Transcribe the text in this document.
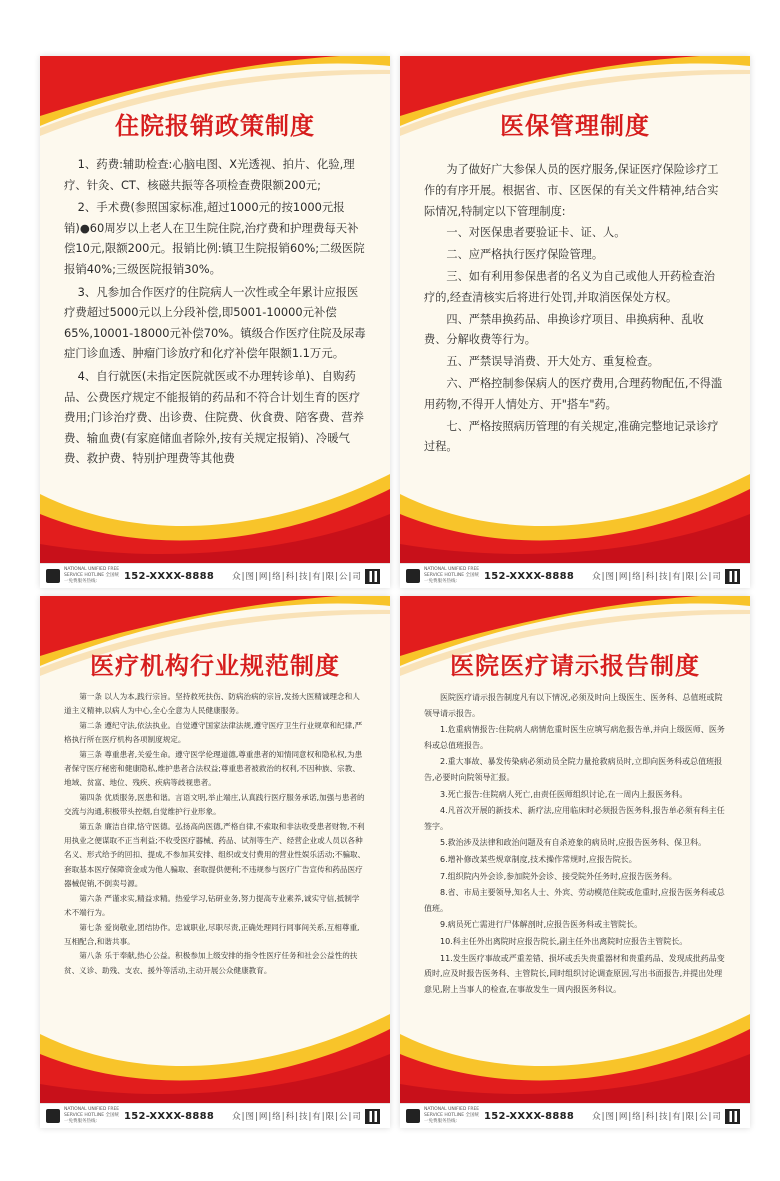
住院报销政策制度

1、药费:辅助检查:心脑电图、X光透视、拍片、化验,理疗、针灸、CT、核磁共振等各项检查费限额200元;

2、手术费(参照国家标准,超过1000元的按1000元报销)●60周岁以上老人在卫生院住院,治疗费和护理费每天补偿10元,限额200元。报销比例:镇卫生院报销60%;二级医院报销40%;三级医院报销30%。

3、凡参加合作医疗的住院病人一次性或全年累计应报医疗费超过5000元以上分段补偿,即5001-10000元补偿65%,10001-18000元补偿70%。镇级合作医疗住院及尿毒症门诊血透、肿瘤门诊放疗和化疗补偿年限额1.1万元。

4、自行就医(未指定医院就医或不办理转诊单)、自购药品、公费医疗规定不能报销的药品和不符合计划生育的医疗费用;门诊治疗费、出诊费、住院费、伙食费、陪客费、营养费、输血费(有家庭储血者除外,按有关规定报销)、冷暖气费、救护费、特别护理费等其他费

NATIONAL UNIFIED FREE SERVICE HOTLINE 全国统一免费服务热线:	152-XXXX-8888 众|图|网|络|科|技|有|限|公|司
医保管理制度

为了做好广大参保人员的医疗服务,保证医疗保险诊疗工作的有序开展。根据省、市、区医保的有关文件精神,结合实际情况,特制定以下管理制度:

一、对医保患者要验证卡、证、人。

二、应严格执行医疗保险管理。

三、如有利用参保患者的名义为自己或他人开药检查治疗的,经查清核实后将进行处罚,并取消医保处方权。

四、严禁串换药品、串换诊疗项目、串换病种、乱收费、分解收费等行为。

五、严禁误导消费、开大处方、重复检查。

六、严格控制参保病人的医疗费用,合理药物配伍,不得滥用药物,不得开人情处方、开"搭车"药。

七、严格按照病历管理的有关规定,准确完整地记录诊疗过程。

NATIONAL UNIFIED FREE SERVICE HOTLINE 全国统一免费服务热线:	152-XXXX-8888 众|图|网|络|科|技|有|限|公|司
医疗机构行业规范制度

第一条 以人为本,践行宗旨。坚持救死扶伤、防病治病的宗旨,发扬大医精诚理念和人道主义精神,以病人为中心,全心全意为人民健康服务。

第二条 遵纪守法,依法执业。自觉遵守国家法律法规,遵守医疗卫生行业规章和纪律,严格执行所在医疗机构各项制度规定。

第三条 尊重患者,关爱生命。遵守医学伦理道德,尊重患者的知情同意权和隐私权,为患者保守医疗秘密和健康隐私,维护患者合法权益;尊重患者被救治的权利,不因种族、宗教、地域、贫富、地位、残疾、疾病等歧视患者。

第四条 优质服务,医患和谐。言语文明,举止端庄,认真践行医疗服务承诺,加强与患者的交流与沟通,积极带头控烟,自觉维护行业形象。

第五条 廉洁自律,恪守医德。弘扬高尚医德,严格自律,不索取和非法收受患者财物,不利用执业之便谋取不正当利益;不收受医疗器械、药品、试剂等生产、经营企业或人员以各种名义、形式给予的回扣、提成,不参加其安排、组织或支付费用的营业性娱乐活动;不骗取、套取基本医疗保障资金或为他人骗取、套取提供便利;不违规参与医疗广告宣传和药品医疗器械促销,不倒卖号源。

第六条 严谨求实,精益求精。热爱学习,钻研业务,努力提高专业素养,诚实守信,抵制学术不端行为。

第七条 爱岗敬业,团结协作。忠诚职业,尽职尽责,正确处理同行同事间关系,互相尊重,互相配合,和谐共事。

第八条 乐于奉献,热心公益。积极参加上级安排的指令性医疗任务和社会公益性的扶贫、义诊、助残、支农、援外等活动,主动开展公众健康教育。

NATIONAL UNIFIED FREE SERVICE HOTLINE 全国统一免费服务热线:	152-XXXX-8888 众|图|网|络|科|技|有|限|公|司
医院医疗请示报告制度

医院医疗请示报告制度凡有以下情况,必须及时向上级医生、医务科、总值班或院领导请示报告。

1.危重病情报告:住院病人病情危重时医生应填写病危报告单,并向上级医师、医务科或总值班报告。

2.重大事故、暴发传染病必须动员全院力量抢救病员时,立即向医务科或总值班报告,必要时向院领导汇报。

3.死亡报告:住院病人死亡,由责任医师组织讨论,在一周内上报医务科。

4.凡首次开展的新技术、新疗法,应用临床时必须报告医务科,报告单必须有科主任签字。

5.救治涉及法律和政治问题及有自杀迹象的病员时,应报告医务科、保卫科。

6.增补修改某些规章制度,技术操作常规时,应报告院长。

7.组织院内外会诊,参加院外会诊、接受院外任务时,应报告医务科。

8.省、市局主要领导,知名人士、外宾、劳动模范住院或危重时,应报告医务科或总值班。

9.病员死亡需进行尸体解剖时,应报告医务科或主管院长。

10.科主任外出离院时应报告院长,副主任外出离院时应报告主管院长。

11.发生医疗事故或严重差错、损坏或丢失贵重器材和贵重药品、发现成批药品变质时,应及时报告医务科、主管院长,同时组织讨论调查原因,写出书面报告,并提出处理意见,附上当事人的检查,在事故发生一周内报医务科议。

NATIONAL UNIFIED FREE SERVICE HOTLINE 全国统一免费服务热线:	152-XXXX-8888 众|图|网|络|科|技|有|限|公|司
